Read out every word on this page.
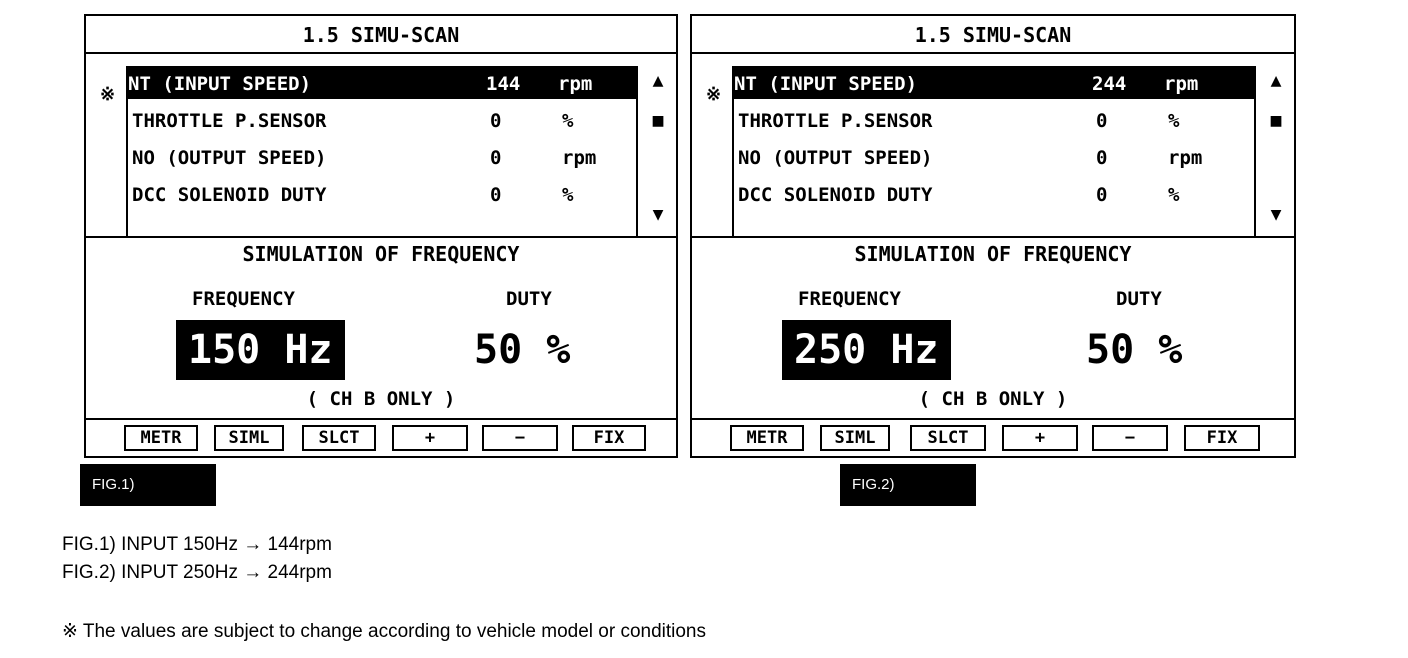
1.5 SIMU-SCAN
※ NT (INPUT SPEED)	144 rpm
THROTTLE P.SENSOR	0	%
NO (OUTPUT SPEED)	0	rpm
DCC SOLENOID DUTY	0	%
▲
■
▼
SIMULATION OF FREQUENCY
FREQUENCY	DUTY
150 Hz	50 %
( CH B ONLY )
METR	SIML	SLCT	+	−	FIX
1.5 SIMU-SCAN
※ NT (INPUT SPEED)	244 rpm
THROTTLE P.SENSOR	0	%
NO (OUTPUT SPEED)	0	rpm
DCC SOLENOID DUTY	0	%
▲
■
▼
SIMULATION OF FREQUENCY
FREQUENCY	DUTY
250 Hz	50 %
( CH B ONLY )
METR	SIML	SLCT	+	−	FIX
FIG.1)	FIG.2)
FIG.1) INPUT 150Hz → 144rpm
FIG.2) INPUT 250Hz → 244rpm
※ The values are subject to change according to vehicle model or conditions
